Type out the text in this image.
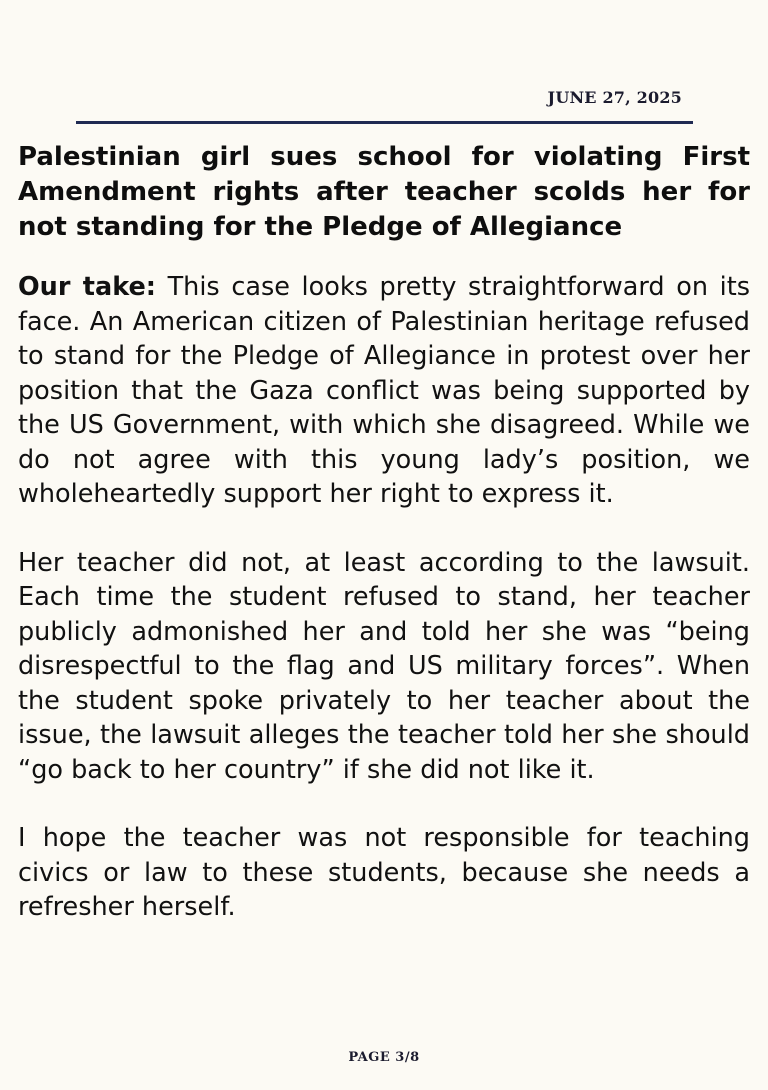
JUNE 27, 2025
Palestinian girl sues school for violating First Amendment rights after teacher scolds her for not standing for the Pledge of Allegiance

Our take: This case looks pretty straightforward on its face. An American citizen of Palestinian heritage refused to stand for the Pledge of Allegiance in protest over her position that the Gaza conflict was being supported by the US Government, with which she disagreed. While we do not agree with this young lady’s position, we wholeheartedly support her right to express it.

Her teacher did not, at least according to the lawsuit. Each time the student refused to stand, her teacher publicly admonished her and told her she was “being disrespectful to the flag and US military forces”. When the student spoke privately to her teacher about the issue, the lawsuit alleges the teacher told her she should “go back to her country” if she did not like it.

I hope the teacher was not responsible for teaching civics or law to these students, because she needs a refresher herself.

PAGE 3/8
